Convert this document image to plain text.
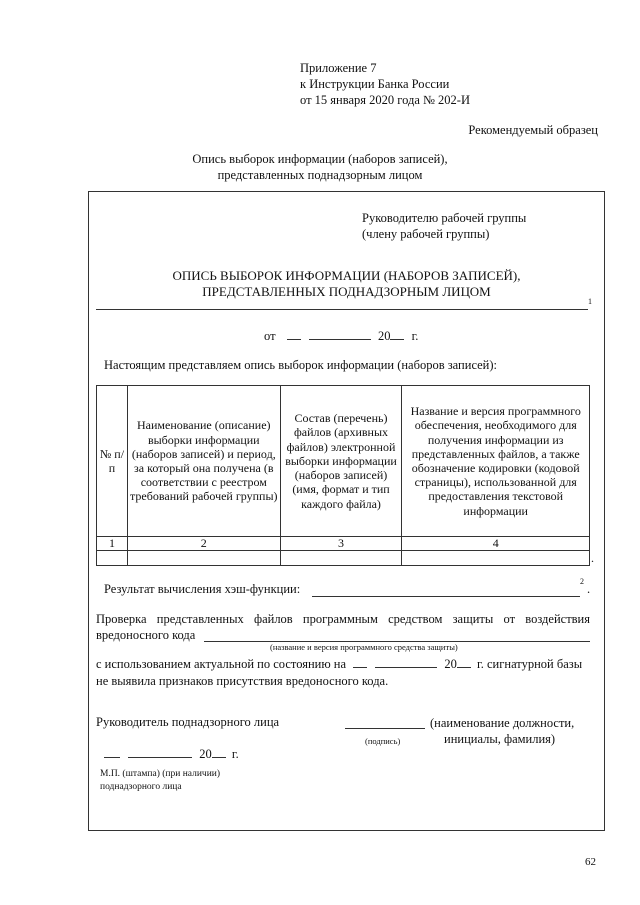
Приложение 7
к Инструкции Банка России
от 15 января 2020 года № 202-И
Рекомендуемый образец
Опись выборок информации (наборов записей),
представленных поднадзорным лицом
Руководителю рабочей группы
(члену рабочей группы)
ОПИСЬ ВЫБОРОК ИНФОРМАЦИИ (НАБОРОВ ЗАПИСЕЙ),
ПРЕДСТАВЛЕННЫХ ПОДНАДЗОРНЫМ ЛИЦОМ
1
от	20 г.
Настоящим представляем опись выборок информации (наборов записей):
№ п/п	Наименование (описание) выборки информации (наборов записей) и период, за который она получена (в соответствии с реестром требований рабочей группы)	Состав (перечень) файлов (архивных файлов) электронной выборки информации (наборов записей) (имя, формат и тип каждого файла)	Название и версия программного обеспечения, необходимого для получения информации из представленных файлов, а также обозначение кодировки (кодовой страницы), использованной для предоставления текстовой информации
1	2	3	4

.
Результат вычисления хэш-функции:
2
.
Проверка представленных файлов программным средством защиты от воздействия
вредоносного кода
(название и версия программного средства защиты)
с использованием актуальной по состоянию на	20 г. сигнатурной базы
не выявила признаков присутствия вредоносного кода.
Руководитель поднадзорного лица	(наименование должности,
инициалы, фамилия)
(подпись)
20 г.
М.П. (штампа) (при наличии)
поднадзорного лица
62
